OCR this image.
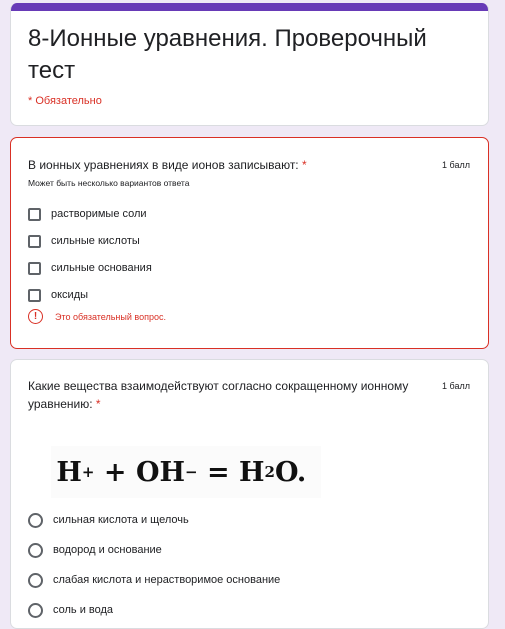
8-Ионные уравнения. Проверочный тест
* Обязательно
В ионных уравнениях в виде ионов записывают: *	1 балл
Может быть несколько вариантов ответа
растворимые соли
сильные кислоты
сильные основания
оксиды
!	Это обязательный вопрос.
Какие вещества взаимодействуют согласно сокращенному ионному уравнению: *
1 балл

H +
+
OH −
=
H 2 O.
сильная кислота и щелочь
водород и основание
слабая кислота и нерастворимое основание
соль и вода
